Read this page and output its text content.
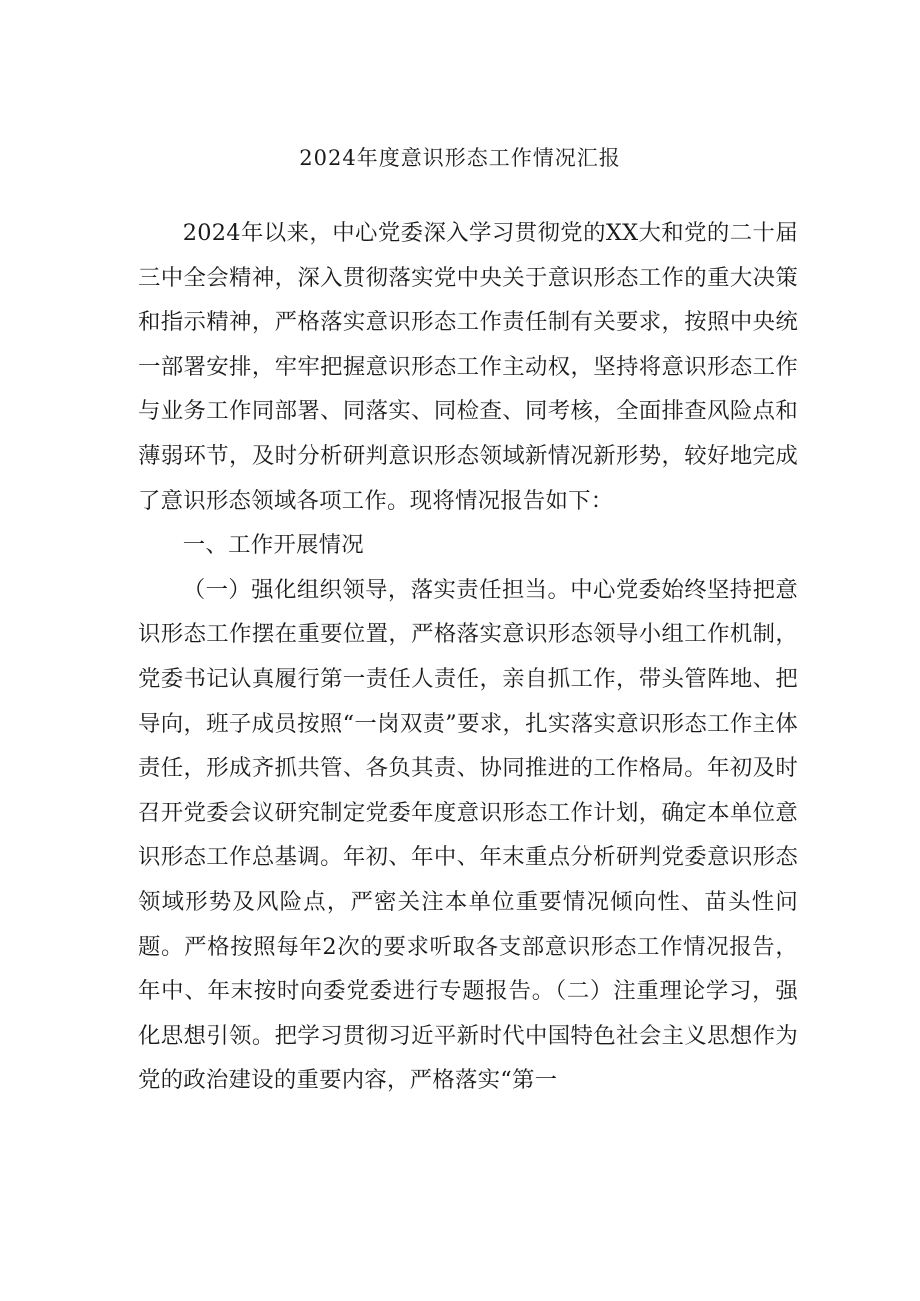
2024年度意识形态工作情况汇报

2024年以来，中心党委深入学习贯彻党的XX大和党的二十届三中全会精神，深入贯彻落实党中央关于意识形态工作的重大决策和指示精神，严格落实意识形态工作责任制有关要求，按照中央统一部署安排，牢牢把握意识形态工作主动权，坚持将意识形态工作与业务工作同部署、同落实、同检查、同考核，全面排查风险点和薄弱环节，及时分析研判意识形态领域新情况新形势，较好地完成了意识形态领域各项工作。现将情况报告如下：

一、工作开展情况

（一）强化组织领导，落实责任担当。中心党委始终坚持把意识形态工作摆在重要位置，严格落实意识形态领导小组工作机制，党委书记认真履行第一责任人责任，亲自抓工作，带头管阵地、把导向，班子成员按照“一岗双责”要求，扎实落实意识形态工作主体责任，形成齐抓共管、各负其责、协同推进的工作格局。年初及时召开党委会议研究制定党委年度意识形态工作计划，确定本单位意识形态工作总基调。年初、年中、年末重点分析研判党委意识形态领域形势及风险点，严密关注本单位重要情况倾向性、苗头性问题。严格按照每年2次的要求听取各支部意识形态工作情况报告，年中、年末按时向委党委进行专题报告。（二）注重理论学习，强化思想引领。把学习贯彻习近平新时代中国特色社会主义思想作为党的政治建设的重要内容，严格落实“第一
